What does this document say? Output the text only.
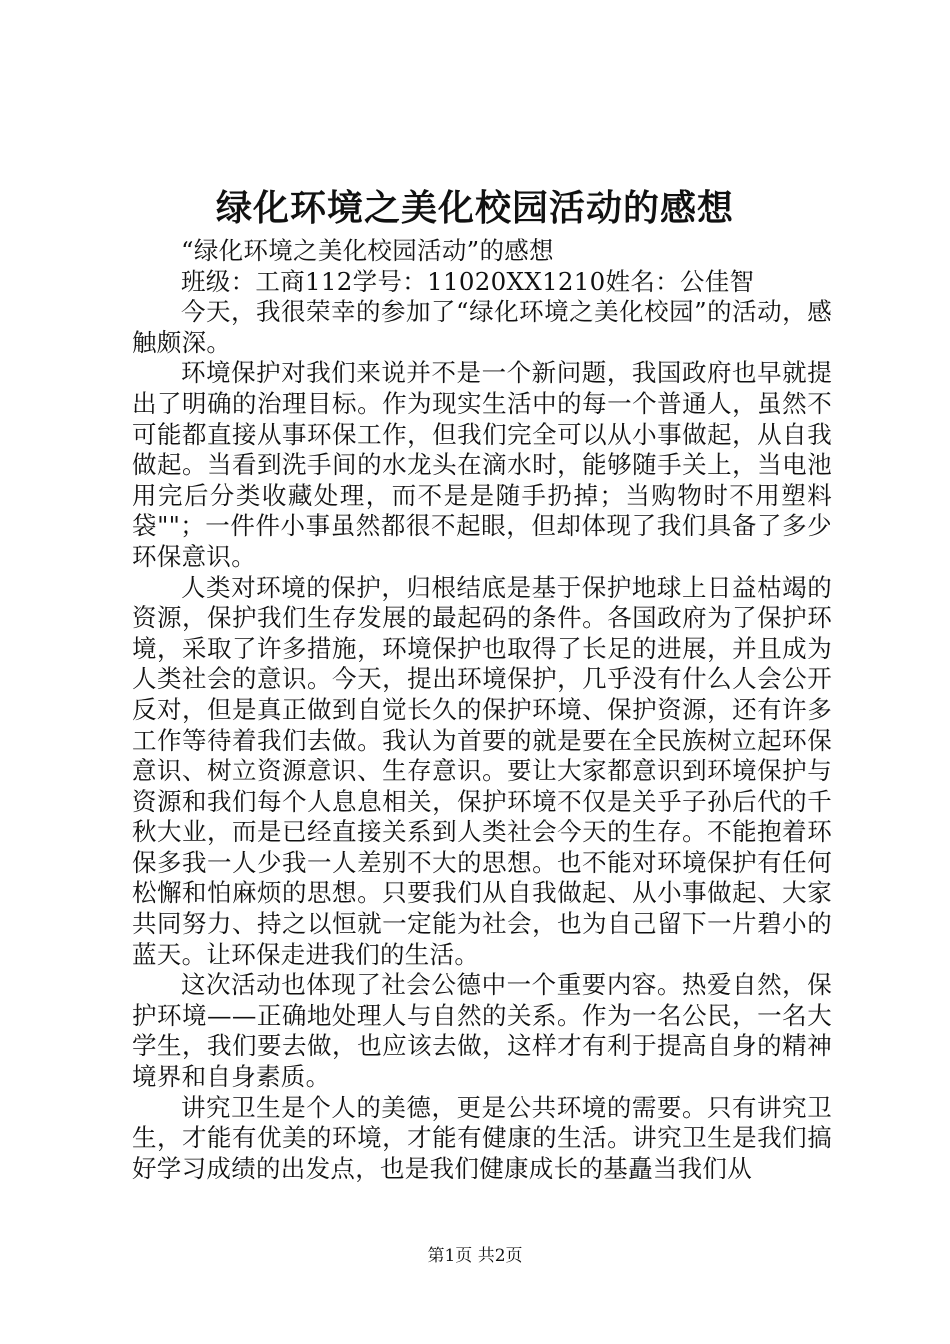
绿化环境之美化校园活动的感想

“绿化环境之美化校园活动”的感想

班级：工商112学号：11020XX1210姓名：公佳智

今天，我很荣幸的参加了“绿化环境之美化校园”的活动，感触颇深。

环境保护对我们来说并不是一个新问题，我国政府也早就提出了明确的治理目标。作为现实生活中的每一个普通人，虽然不可能都直接从事环保工作，但我们完全可以从小事做起，从自我做起。当看到洗手间的水龙头在滴水时，能够随手关上，当电池用完后分类收藏处理，而不是是随手扔掉；当购物时不用塑料袋""；一件件小事虽然都很不起眼，但却体现了我们具备了多少环保意识。

人类对环境的保护，归根结底是基于保护地球上日益枯竭的资源，保护我们生存发展的最起码的条件。各国政府为了保护环境，采取了许多措施，环境保护也取得了长足的进展，并且成为人类社会的意识。今天，提出环境保护，几乎没有什么人会公开反对，但是真正做到自觉长久的保护环境、保护资源，还有许多工作等待着我们去做。我认为首要的就是要在全民族树立起环保意识、树立资源意识、生存意识。要让大家都意识到环境保护与资源和我们每个人息息相关，保护环境不仅是关乎子孙后代的千秋大业，而是已经直接关系到人类社会今天的生存。不能抱着环保多我一人少我一人差别不大的思想。也不能对环境保护有任何松懈和怕麻烦的思想。只要我们从自我做起、从小事做起、大家共同努力、持之以恒就一定能为社会，也为自己留下一片碧小的蓝天。让环保走进我们的生活。

这次活动也体现了社会公德中一个重要内容。热爱自然，保护环境——正确地处理人与自然的关系。作为一名公民，一名大学生，我们要去做，也应该去做，这样才有利于提高自身的精神境界和自身素质。

讲究卫生是个人的美德，更是公共环境的需要。只有讲究卫生，才能有优美的环境，才能有健康的生活。讲究卫生是我们搞好学习成绩的出发点，也是我们健康成长的基矗当我们从

第1页 共2页
